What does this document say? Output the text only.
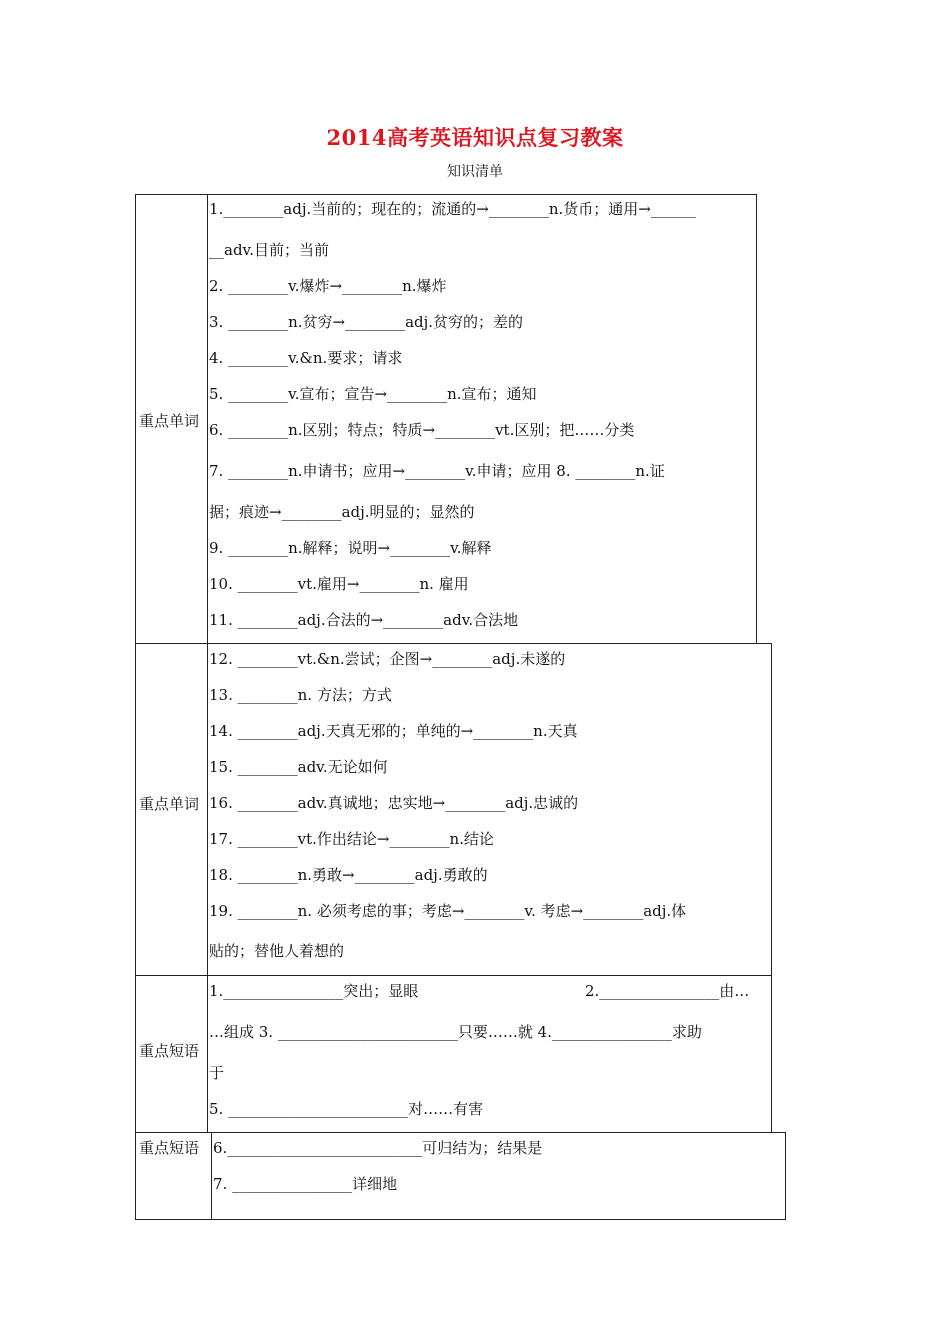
2014高考英语知识点复习教案
知识清单
重点单词
1.________adj.当前的；现在的；流通的→________n.货币；通用→______
__adv.目前；当前
2. ________v.爆炸→________n.爆炸
3. ________n.贫穷→________adj.贫穷的；差的
4. ________v.&n.要求；请求
5. ________v.宣布；宣告→________n.宣布；通知
6. ________n.区别；特点；特质→________vt.区别；把……分类
7. ________n.申请书；应用→________v.申请；应用 8. ________n.证
据；痕迹→________adj.明显的；显然的
9. ________n.解释；说明→________v.解释
10. ________vt.雇用→________n. 雇用
11. ________adj.合法的→________adv.合法地
重点单词
12. ________vt.&n.尝试；企图→________adj.未遂的
13. ________n. 方法；方式
14. ________adj.天真无邪的；单纯的→________n.天真
15. ________adv.无论如何
16. ________adv.真诚地；忠实地→________adj.忠诚的
17. ________vt.作出结论→________n.结论
18. ________n.勇敢→________adj.勇敢的
19. ________n. 必须考虑的事；考虑→________v. 考虑→________adj.体
贴的；替他人着想的
重点短语
1.________________突出；显眼	2.________________由…
…组成 3. ________________________只要……就 4.________________求助
于
5. ________________________对……有害
重点短语 6.__________________________可归结为；结果是
7. ________________详细地
